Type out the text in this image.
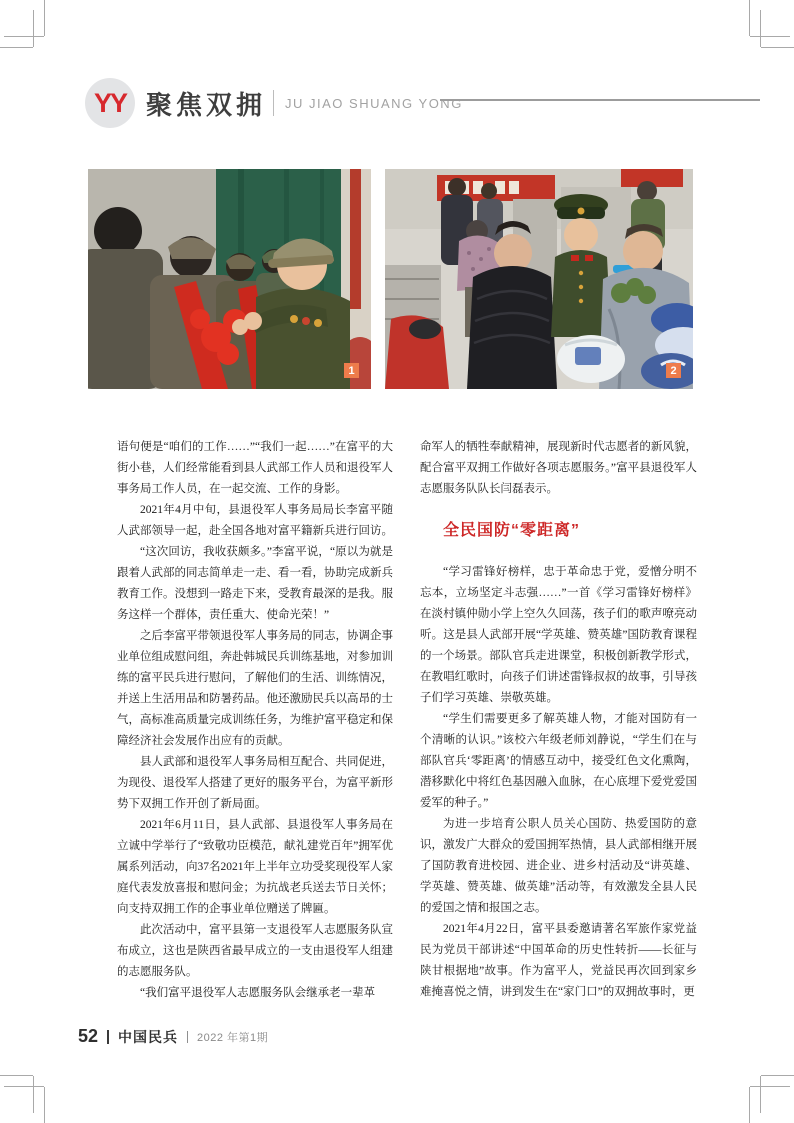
YY 聚焦双拥 JU JIAO SHUANG YONG
1	2

语句便是“咱们的工作……”“我们一起……”在富平的大街小巷，人们经常能看到县人武部工作人员和退役军人事务局工作人员，在一起交流、工作的身影。

2021年4月中旬，县退役军人事务局局长李富平随人武部领导一起，赴全国各地对富平籍新兵进行回访。

“这次回访，我收获颇多。”李富平说，“原以为就是跟着人武部的同志简单走一走、看一看，协助完成新兵教育工作。没想到一路走下来，受教育最深的是我。服务这样一个群体，责任重大、使命光荣！”

之后李富平带领退役军人事务局的同志，协调企事业单位组成慰问组，奔赴韩城民兵训练基地，对参加训练的富平民兵进行慰问，了解他们的生活、训练情况，并送上生活用品和防暑药品。他还激励民兵以高昂的士气，高标准高质量完成训练任务，为维护富平稳定和保障经济社会发展作出应有的贡献。

县人武部和退役军人事务局相互配合、共同促进，为现役、退役军人搭建了更好的服务平台，为富平新形势下双拥工作开创了新局面。

2021年6月11日，县人武部、县退役军人事务局在立诚中学举行了“致敬功臣模范，献礼建党百年”拥军优属系列活动，向37名2021年上半年立功受奖现役军人家庭代表发放喜报和慰问金；为抗战老兵送去节日关怀；向支持双拥工作的企事业单位赠送了牌匾。

此次活动中，富平县第一支退役军人志愿服务队宣布成立，这也是陕西省最早成立的一支由退役军人组建的志愿服务队。

“我们富平退役军人志愿服务队会继承老一辈革

命军人的牺牲奉献精神，展现新时代志愿者的新风貌，配合富平双拥工作做好各项志愿服务。”富平县退役军人志愿服务队队长闫磊表示。

全民国防“零距离”

“学习雷锋好榜样，忠于革命忠于党，爱憎分明不忘本，立场坚定斗志强……”一首《学习雷锋好榜样》在淡村镇仲勋小学上空久久回荡，孩子们的歌声嘹亮动听。这是县人武部开展“学英雄、赞英雄”国防教育课程的一个场景。部队官兵走进课堂，积极创新教学形式，在教唱红歌时，向孩子们讲述雷锋叔叔的故事，引导孩子们学习英雄、崇敬英雄。

“学生们需要更多了解英雄人物，才能对国防有一个清晰的认识。”该校六年级老师刘静说，“学生们在与部队官兵‘零距离’的情感互动中，接受红色文化熏陶，潜移默化中将红色基因融入血脉，在心底埋下爱党爱国爱军的种子。”

为进一步培育公职人员关心国防、热爱国防的意识，激发广大群众的爱国拥军热情，县人武部相继开展了国防教育进校园、进企业、进乡村活动及“讲英雄、学英雄、赞英雄、做英雄”活动等，有效激发全县人民的爱国之情和报国之志。

2021年4月22日，富平县委邀请著名军旅作家党益民为党员干部讲述“中国革命的历史性转折——长征与陕甘根据地”故事。作为富平人，党益民再次回到家乡难掩喜悦之情，讲到发生在“家门口”的双拥故事时，更

52 中国民兵 2022 年第1期
